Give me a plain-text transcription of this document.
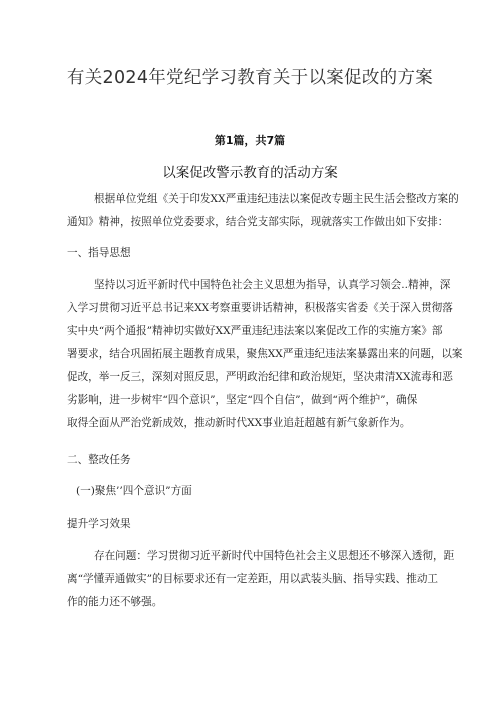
有关2024年党纪学习教育关于以案促改的方案
第1篇，共7篇
以案促改警示教育的活动方案
根据单位党组《关于印发XX严重违纪违法以案促改专题主民生活会整改方案的
通知》精神，按照单位党委要求，结合党支部实际，现就落实工作做出如下安排：
一、指导思想
坚持以习近平新时代中国特色社会主义思想为指导，认真学习领会..精神，深
入学习贯彻习近平总书记来XX考察重要讲话精神，积极落实省委《关于深入贯彻落
实中央“两个通报”精神切实做好XX严重违纪违法案以案促改工作的实施方案》部
署要求，结合巩固拓展主题教育成果，聚焦XX严重违纪违法案暴露出来的问题，以案
促改，举一反三，深刻对照反思，严明政治纪律和政治规矩，坚决肃清XX流毒和恶
劣影响，进一步树牢“四个意识”，坚定“四个自信”，做到“两个维护”，确保
取得全面从严治党新成效，推动新时代XX事业追赶超越有新气象新作为。
二、整改任务
(一)聚焦’’四个意识”方面
提升学习效果
存在问题：学习贯彻习近平新时代中国特色社会主义思想还不够深入透彻，距
离“学懂弄通做实”的目标要求还有一定差距，用以武装头脑、指导实践、推动工
作的能力还不够强。
